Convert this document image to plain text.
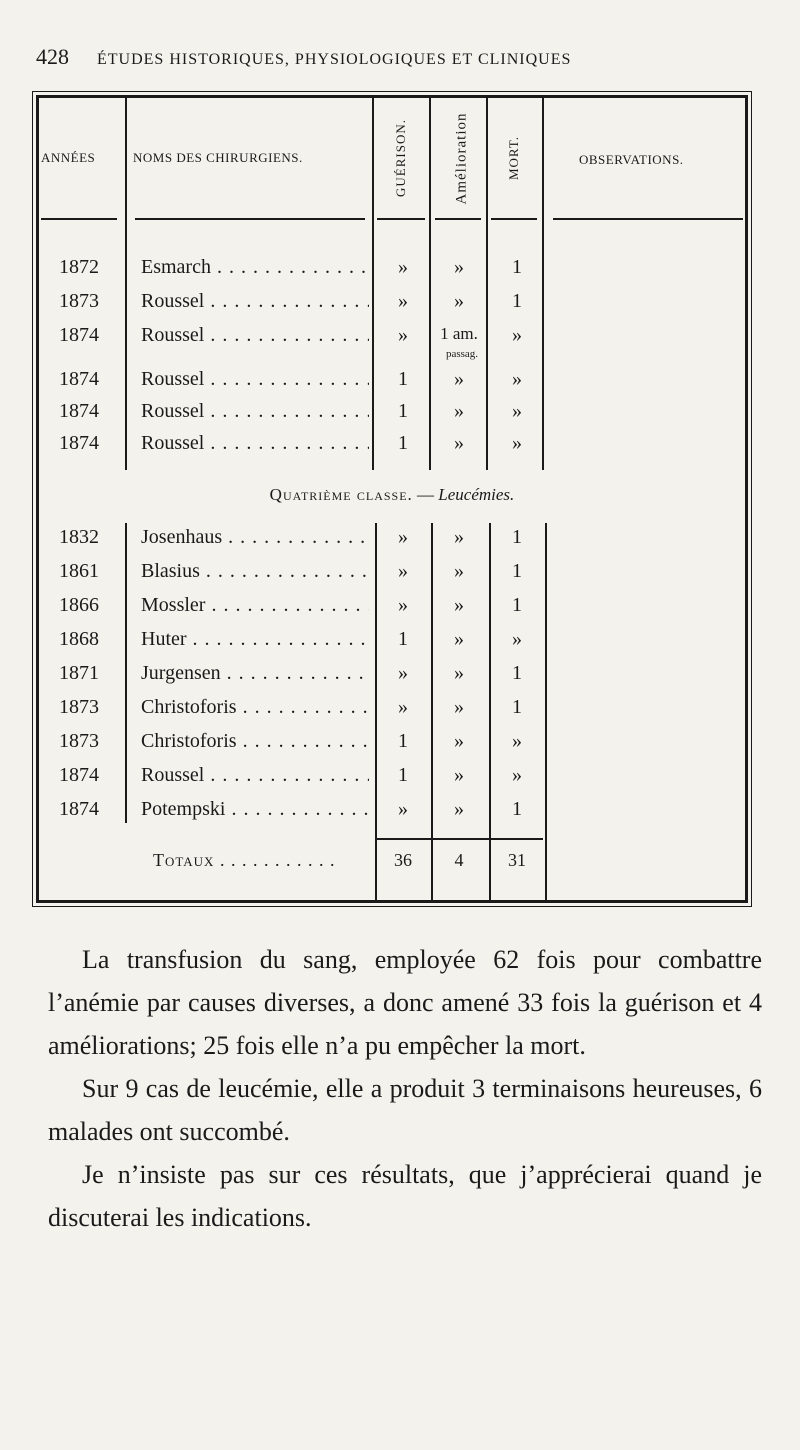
428 ÉTUDES HISTORIQUES, PHYSIOLOGIQUES ET CLINIQUES
ANNÉES	NOMS DES CHIRURGIENS.	GUÉRISON.	Amélioration	MORT.	OBSERVATIONS.
1872	Esmarch . . .	»	»	1
1873	Roussel . . .	»	»	1
1874	Roussel . . .	»	1 am.	»
passag.
1874	Roussel . . .	1	»	»
1874	Roussel . . .	1	»	»
1874	Roussel . . .	1	»	»
Quatrième classe. — Leucémies.
1832	Josenhaus . . .	»	»	1
1861	Blasius . . .	»	»	1
1866	Mossler . . .	»	»	1
1868	Huter . . .	1	»	»
1871	Jurgensen . . .	»	»	1
1873	Christoforis . . .	»	»	1
1873	Christoforis . . .	1	»	»
1874	Roussel . . .	1	»	»
1874	Potempski . . .	»	»	1
Totaux . . .	36	4	31

La transfusion du sang, employée 62 fois pour combattre l’anémie par causes diverses, a donc amené 33 fois la guérison et 4 améliorations; 25 fois elle n’a pu empêcher la mort.

Sur 9 cas de leucémie, elle a produit 3 terminaisons heureuses, 6 malades ont succombé.

Je n’insiste pas sur ces résultats, que j’apprécierai quand je discuterai les indications.
